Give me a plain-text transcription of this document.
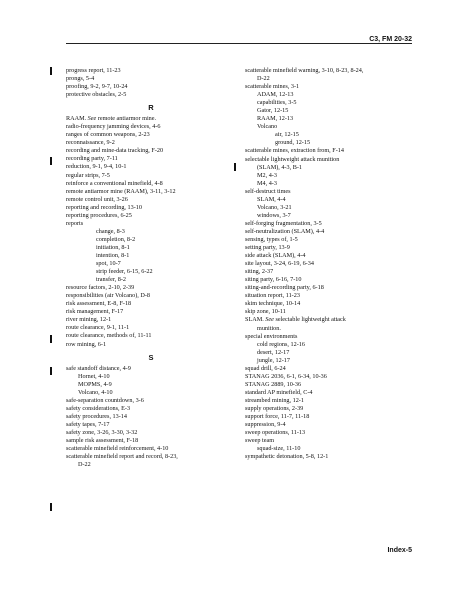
C3, FM 20-32
progress report, 11-23
prongs, 5-4
proofing, 9-2, 9-7, 10-24
protective obstacles, 2-5
R
RAAM. See remote antiarmor mine.
radio-frequency jamming devices, 4-6
ranges of common weapons, 2-23
reconnaissance, 9-2
recording and mine-data tracking, F-20
recording party, 7-11
reduction, 9-1, 9-4, 10-1
regular strips, 7-5
reinforce a conventional minefield, 4-8
remote antiarmor mine (RAAM), 3-11, 3-12
remote control unit, 3-26
reporting and recording, 13-10
reporting procedures, 6-25
reports
change, 8-3
completion, 8-2
initiation, 8-1
intention, 8-1
spot, 10-7
strip feeder, 6-15, 6-22
transfer, 8-2
resource factors, 2-10, 2-39
responsibilities (air Volcano), D-8
risk assessment, E-8, F-18
risk management, F-17
river mining, 12-1
route clearance, 9-1, 11-1
route clearance, methods of, 11-11
row mining, 6-1
S
safe standoff distance, 4-9
Hornet, 4-10
MOPMS, 4-9
Volcano, 4-10
safe-separation countdown, 3-6
safety considerations, E-3
safety procedures, 13-14
safety tapes, 7-17
safety zone, 3-26, 3-30, 3-32
sample risk assessment, F-18
scatterable minefield reinforcement, 4-10
scatterable minefield report and record, 8-23,
D-22
scatterable minefield warning, 3-10, 8-23, 8-24,
D-22
scatterable mines, 3-1
ADAM, 12-13
capabilities, 3-5
Gator, 12-15
RAAM, 12-13
Volcano
air, 12-15
ground, 12-15
scatterable mines, extraction from, F-14
selectable lightweight attack munition
(SLAM), 4-3, B-1
M2, 4-3
M4, 4-3
self-destruct times
SLAM, 4-4
Volcano, 3-21
windows, 3-7
self-forging fragmentation, 3-5
self-neutralization (SLAM), 4-4
sensing, types of, 1-5
setting party, 13-9
side attack (SLAM), 4-4
site layout, 3-24, 6-19, 6-34
siting, 2-37
siting party, 6-16, 7-10
siting-and-recording party, 6-18
situation report, 11-23
skim technique, 10-14
skip zone, 10-11
SLAM. See selectable lightweight attack
munition.
special environments
cold regions, 12-16
desert, 12-17
jungle, 12-17
squad drill, 6-24
STANAG 2036, 6-1, 6-34, 10-36
STANAG 2889, 10-36
standard AP minefield, C-4
streambed mining, 12-1
supply operations, 2-39
support force, 11-7, 11-18
suppression, 9-4
sweep operations, 11-13
sweep team
squad-size, 11-10
sympathetic detonation, 5-8, 12-1
Index-5
